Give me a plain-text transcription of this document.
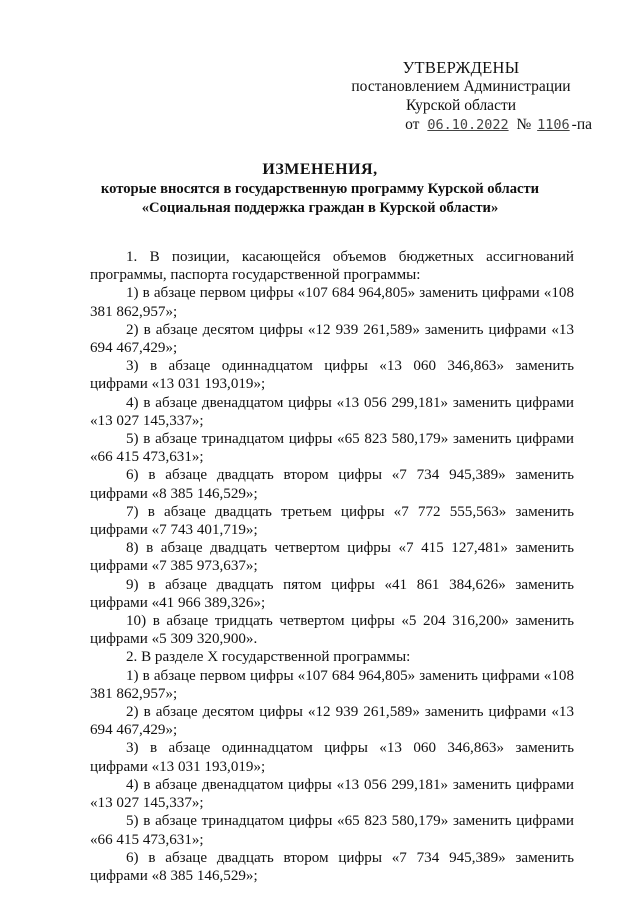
УТВЕРЖДЕНЫ
постановлением Администрации
Курской области
от 06.10.2022 № 1106 -па
ИЗМЕНЕНИЯ,
которые вносятся в государственную программу Курской области
«Социальная поддержка граждан в Курской области»

1. В позиции, касающейся объемов бюджетных ассигнований программы, паспорта государственной программы:

1) в абзаце первом цифры «107 684 964,805» заменить цифрами «108 381 862,957»;

2) в абзаце десятом цифры «12 939 261,589» заменить цифрами «13 694 467,429»;

3) в абзаце одиннадцатом цифры «13 060 346,863» заменить цифрами «13 031 193,019»;

4) в абзаце двенадцатом цифры «13 056 299,181» заменить цифрами «13 027 145,337»;

5) в абзаце тринадцатом цифры «65 823 580,179» заменить цифрами «66 415 473,631»;

6) в абзаце двадцать втором цифры «7 734 945,389» заменить цифрами «8 385 146,529»;

7) в абзаце двадцать третьем цифры «7 772 555,563» заменить цифрами «7 743 401,719»;

8) в абзаце двадцать четвертом цифры «7 415 127,481» заменить цифрами «7 385 973,637»;

9) в абзаце двадцать пятом цифры «41 861 384,626» заменить цифрами «41 966 389,326»;

10) в абзаце тридцать четвертом цифры «5 204 316,200» заменить цифрами «5 309 320,900».

2. В разделе X государственной программы:

1) в абзаце первом цифры «107 684 964,805» заменить цифрами «108 381 862,957»;

2) в абзаце десятом цифры «12 939 261,589» заменить цифрами «13 694 467,429»;

3) в абзаце одиннадцатом цифры «13 060 346,863» заменить цифрами «13 031 193,019»;

4) в абзаце двенадцатом цифры «13 056 299,181» заменить цифрами «13 027 145,337»;

5) в абзаце тринадцатом цифры «65 823 580,179» заменить цифрами «66 415 473,631»;

6) в абзаце двадцать втором цифры «7 734 945,389» заменить цифрами «8 385 146,529»;
